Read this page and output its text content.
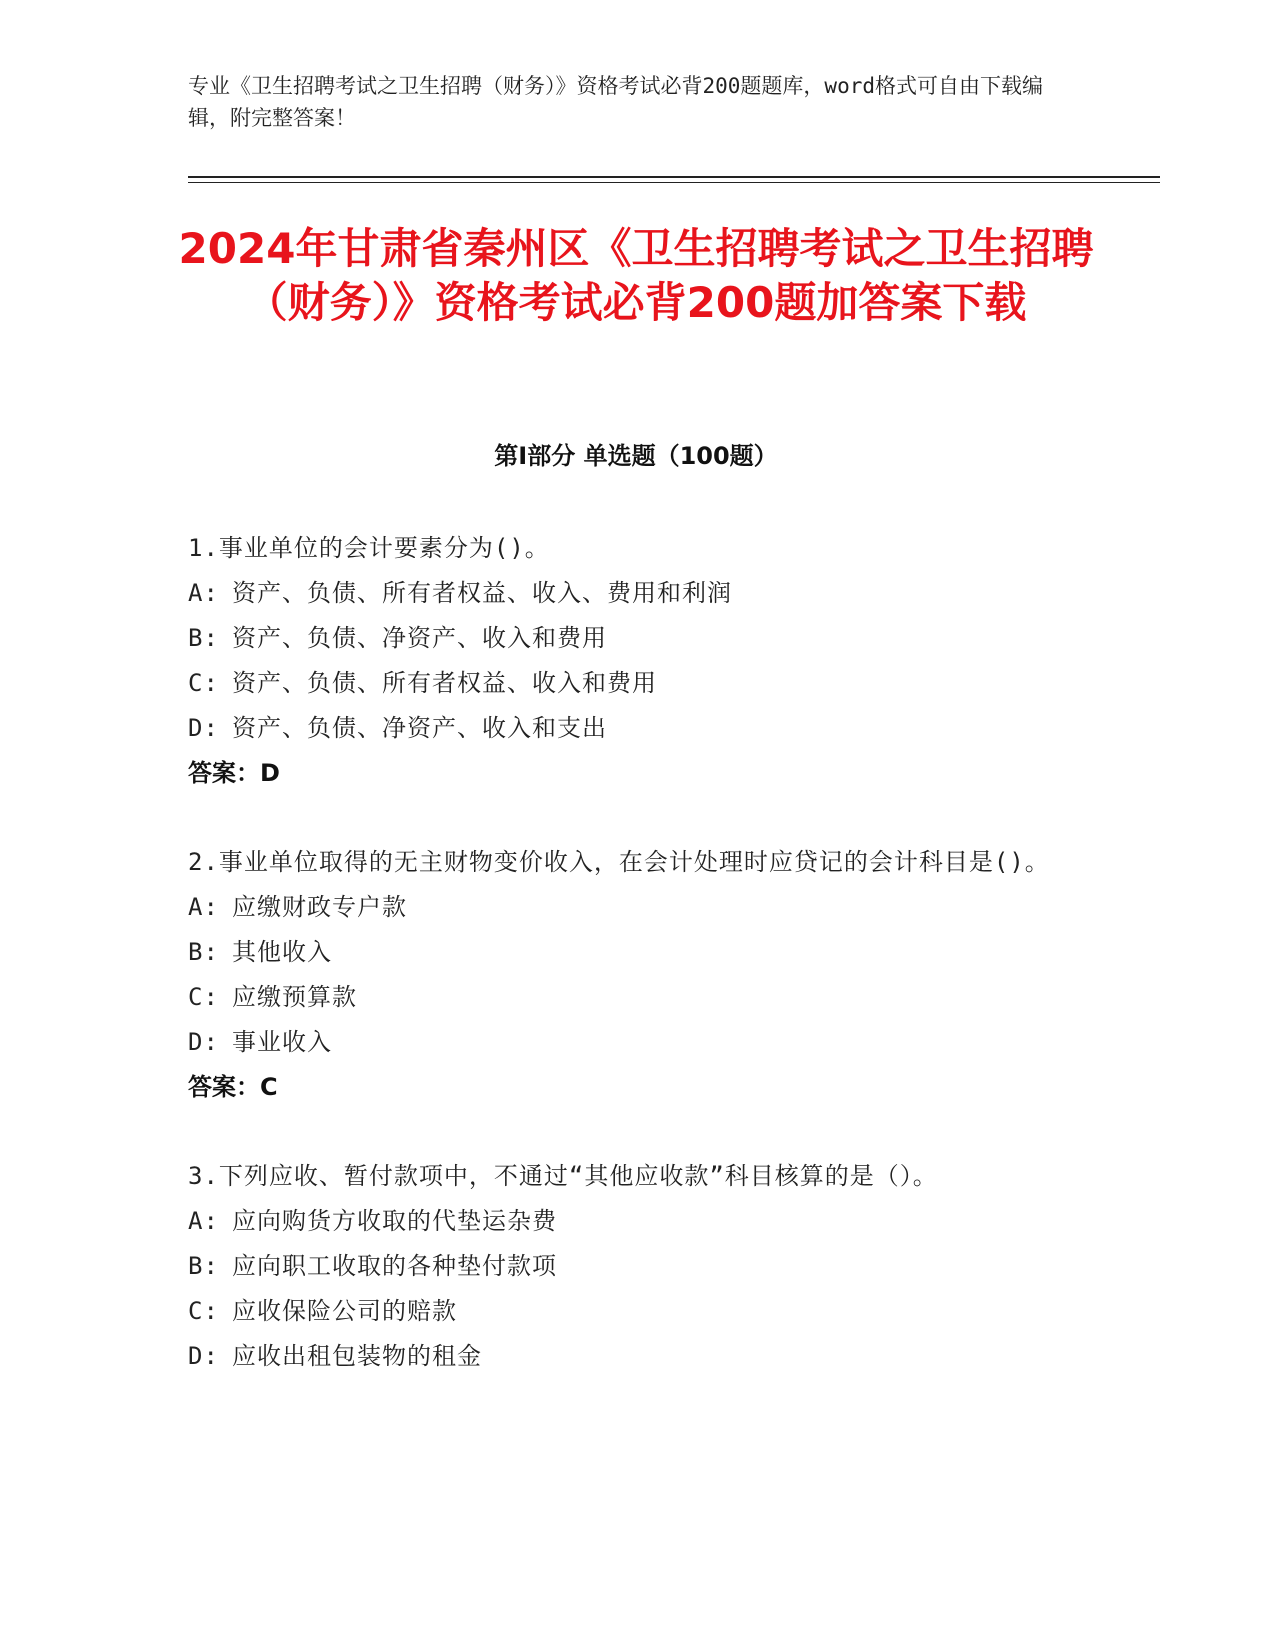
专业《卫生招聘考试之卫生招聘（财务）》资格考试必背200题题库，word格式可自由下载编辑，附完整答案！
2024年甘肃省秦州区《卫生招聘考试之卫生招聘（财务）》资格考试必背200题加答案下载
第Ⅰ部分 单选题（100题）
1.事业单位的会计要素分为()。
A: 资产、负债、所有者权益、收入、费用和利润
B: 资产、负债、净资产、收入和费用
C: 资产、负债、所有者权益、收入和费用
D: 资产、负债、净资产、收入和支出
答案：D
2.事业单位取得的无主财物变价收入，在会计处理时应贷记的会计科目是()。
A: 应缴财政专户款
B: 其他收入
C: 应缴预算款
D: 事业收入
答案：C
3.下列应收、暂付款项中，不通过“其他应收款”科目核算的是（）。
A: 应向购货方收取的代垫运杂费
B: 应向职工收取的各种垫付款项
C: 应收保险公司的赔款
D: 应收出租包装物的租金
